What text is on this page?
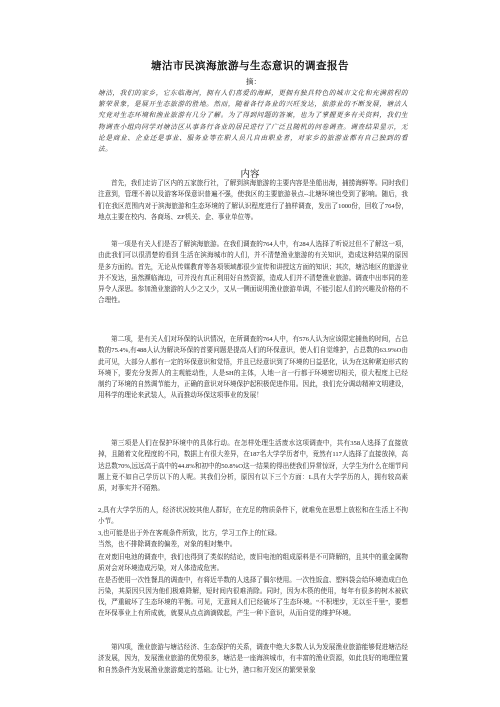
塘沽市民滨海旅游与生态意识的调查报告
摘：

塘沽，我们的家乡，它东临海河，拥有人们喜爱的海鲜，更拥有独具特色的城市文化和充满前程的繁荣景象，是展开生态旅游的胜地。然而，随着各行各业的兴旺发达，旅游业的不断发展，塘沽人究竟对生态环境和渔业旅游有几分了解。为了得到问题的答案，也为了掌握更多有关资料，我们生物调查小组向同学对塘沽区从事各行各业的居民进行了广泛且随机的问卷调查。调查结果显示，无论是商业、企业还是事业、服务业等在职人员几自由职业者，对家乡的旅游业都有自己独到的看法。

内容

首先，我们走访了区内的五家旅行社，了解到滨海旅游的主要内容是坐船出海，捕捞海鲜等。同时我们注意到，管理不善以及游客环保意识普遍不强，使我区的主要旅游景点--北塘环境也受到了影响。随后，我们在我区范围内对于滨海旅游和生态环境的了解认识程度进行了抽样调查，发出了1000份，回收了764份，地点主要在校内、各商场、ZF机关、企、事业单位等。

第一项是有关人们是否了解滨海旅游。在我们调查的764人中，有284人选择了听说过但不了解这一项，由此我们可以很清楚的看到 生活在滨海城市的人们，并不清楚渔业旅游的有关知识，造成这种结果的原因是多方面的。首先，无论从传媒教育等各项领域都很少宣传和讲授这方面的知识；其次，塘沽地区的旅游业并不发达，虽然濒临海边，可并没有真正利用好自然资源，造成人们并不清楚渔业旅游。调查中出率同的差异令人深思。参加渔业旅游的人少之又少，又从一侧面说明渔业旅游单调，不能引起人们的兴趣及价格的不合理性。

第二项，是有关人们对环保的认识情况，在所调查的764人中，有576人认为应该限定捕鱼的时间，占总数的75.4%,有488人认为解决环保的首要问题是提高人们的环保意识，使人们自觉维护，占总数的63.9%O由此可见，大部分人都有一定的环保意识和觉悟，并且已经意识到了环境的日益恶化，认为在这种紧迫形式的环境下，要充分发挥人的主观能动性，人是SH的主体，人地一言一行都于环境密切相关，很大程度上已经制约了环境的自然调节能力，正确的意识对环境保护起积极促进作用。因此，我们充分调动精神文明建设，用科学的理论来武装人，从而推动环保这项事业的发展！

第三项是人们在保护环境中的具体行动。在怎样处理生活废水这项调查中，共有358人选择了直接放掉，且随着文化程度的不同，数据上有很大差异，在187名大学学历者中，竟然有117人选择了直接放掉，高达总数70%,远远高于高中的44.8%和初中的50.8%O这一结果的得出使我们异常惊讶，大学生为什么在细节问题上竟不如自己学历以下的人呢。其我们分析，原因有以下三个方面：L具有大学学历的人，拥有较高素质，对事实并不陌熟。

2,具有大学学历的人，经济状况较其他人群好，在充足的物质条件下，就难免在思想上放松和在生活上不拘小节。
3,也可能是出于外在客观条件所致，比方，学习工作上的忙碌。
当然，也不排除调查的偏差，对象的相对集中。
在对废旧电池的调查中，我们也得到了类似的结论，废旧电池的组成原料是不可降解的，且其中的重金属物质对会对环境造成污染，对人体造成危害。
在是否使用一次性餐具的调查中，有将近半数的人选择了偶尔使用。一次性饭盒、塑料袋会给环境造成白色污染，其原因只因为他们极难降解，短时间内很难消除。同时，因为木筷的使用，每年有很多的树木被砍伐，严重破坏了生态环境的平衡。可见，无意间人们已经破坏了生态环境。“不积埋步，无以至千里”，要想在环保事业上有所成就，就要从点点滴滴做起，产生一种下意识，从而自觉的维护环境。

第四项，渔业旅游与塘沽经济、生态保护的关系，调查中绝大多数人认为发展渔业旅游能够促进塘沽经济发展，因为，发展渔业旅游的优势很多，塘沽是一座海滨城市，有丰富的渔业资源，如此良好的地理位置和自然条件为发展渔业旅游奠定的基础。让七外，港口和开发区的繁荣景象
